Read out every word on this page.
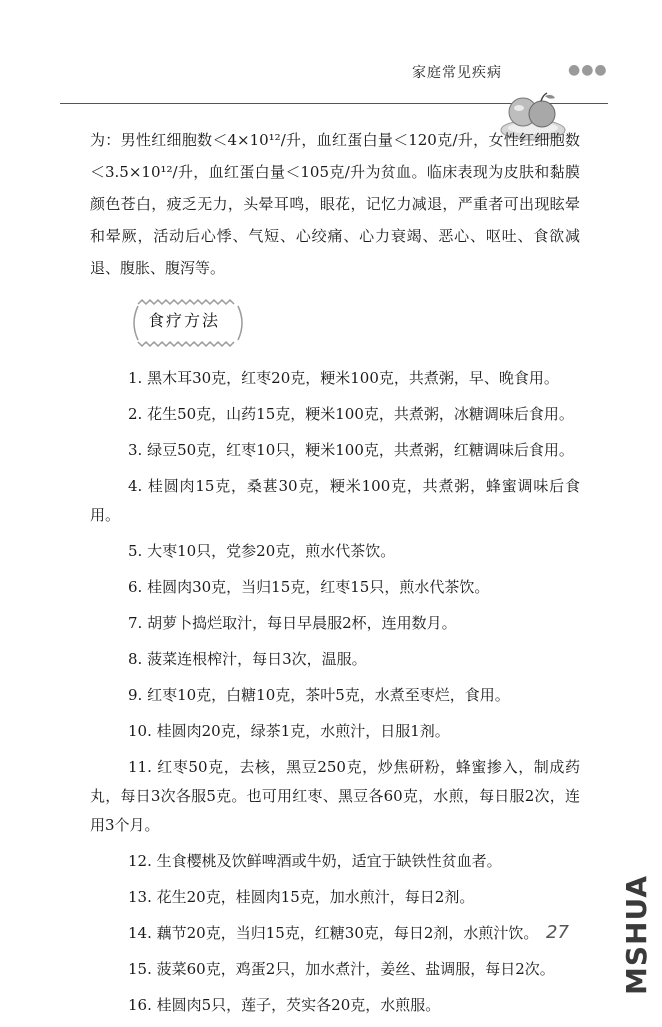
家庭常见疾病	●●●

为：男性红细胞数＜4×10¹²/升，血红蛋白量＜120克/升，女性红细胞数＜3.5×10¹²/升，血红蛋白量＜105克/升为贫血。临床表现为皮肤和黏膜颜色苍白，疲乏无力，头晕耳鸣，眼花，记忆力减退，严重者可出现眩晕和晕厥，活动后心悸、气短、心绞痛、心力衰竭、恶心、呕吐、食欲减退、腹胀、腹泻等。

食疗方法

1. 黑木耳30克，红枣20克，粳米100克，共煮粥，早、晚食用。

2. 花生50克，山药15克，粳米100克，共煮粥，冰糖调味后食用。

3. 绿豆50克，红枣10只，粳米100克，共煮粥，红糖调味后食用。

4. 桂圆肉15克，桑葚30克，粳米100克，共煮粥，蜂蜜调味后食用。

5. 大枣10只，党参20克，煎水代茶饮。

6. 桂圆肉30克，当归15克，红枣15只，煎水代茶饮。

7. 胡萝卜捣烂取汁，每日早晨服2杯，连用数月。

8. 菠菜连根榨汁，每日3次，温服。

9. 红枣10克，白糖10克，茶叶5克，水煮至枣烂，食用。

10. 桂圆肉20克，绿茶1克，水煎汁，日服1剂。

11. 红枣50克，去核，黑豆250克，炒焦研粉，蜂蜜掺入，制成药丸，每日3次各服5克。也可用红枣、黑豆各60克，水煎，每日服2次，连用3个月。

12. 生食樱桃及饮鲜啤酒或牛奶，适宜于缺铁性贫血者。

13. 花生20克，桂圆肉15克，加水煎汁，每日2剂。

14. 藕节20克，当归15克，红糖30克，每日2剂，水煎汁饮。

15. 菠菜60克，鸡蛋2只，加水煮汁，姜丝、盐调服，每日2次。

16. 桂圆肉5只，莲子，芡实各20克，水煎服。

27 MSHUA
